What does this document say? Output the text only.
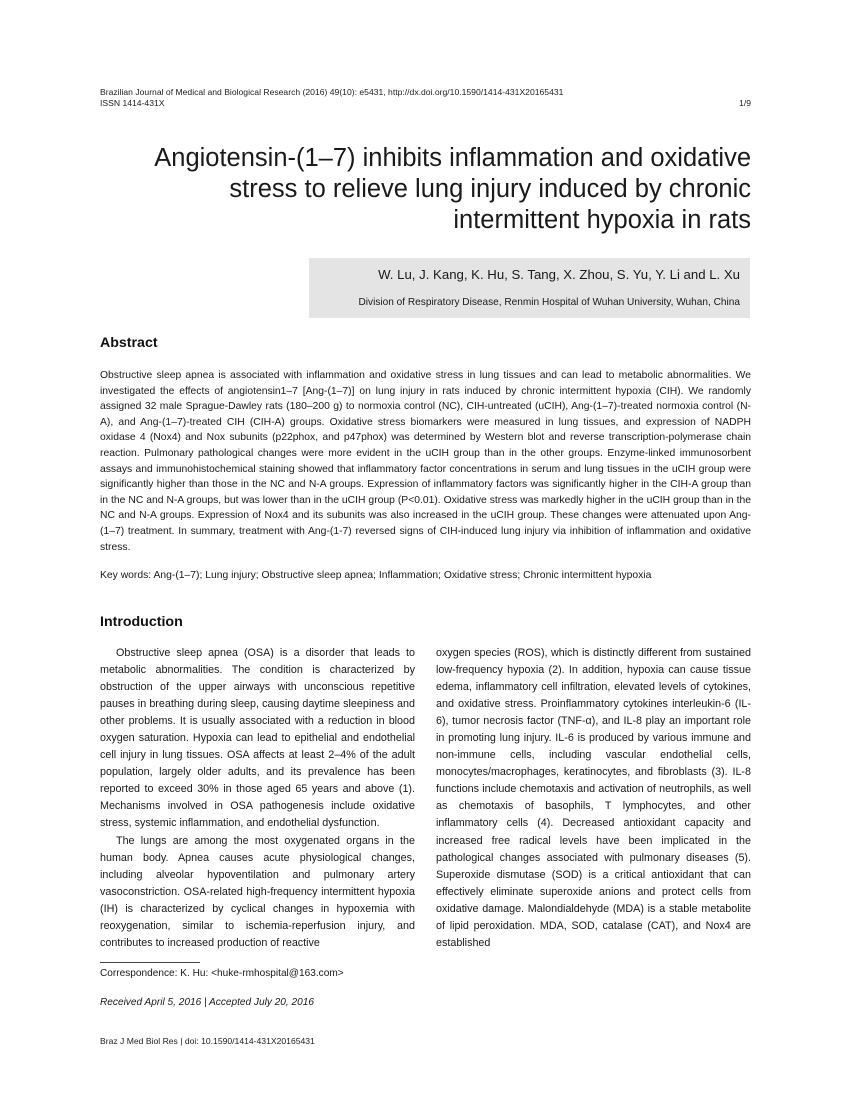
Brazilian Journal of Medical and Biological Research (2016) 49(10): e5431, http://dx.doi.org/10.1590/1414-431X20165431
ISSN 1414-431X	1/9
Angiotensin-(1–7) inhibits inflammation and oxidative
stress to relieve lung injury induced by chronic
intermittent hypoxia in rats
W. Lu, J. Kang, K. Hu, S. Tang, X. Zhou, S. Yu, Y. Li and L. Xu
Division of Respiratory Disease, Renmin Hospital of Wuhan University, Wuhan, China
Abstract

Obstructive sleep apnea is associated with inflammation and oxidative stress in lung tissues and can lead to metabolic abnormalities. We investigated the effects of angiotensin1–7 [Ang-(1–7)] on lung injury in rats induced by chronic intermittent hypoxia (CIH). We randomly assigned 32 male Sprague-Dawley rats (180–200 g) to normoxia control (NC), CIH-untreated (uCIH), Ang-(1–7)-treated normoxia control (N-A), and Ang-(1–7)-treated CIH (CIH-A) groups. Oxidative stress biomarkers were measured in lung tissues, and expression of NADPH oxidase 4 (Nox4) and Nox subunits (p22phox, and p47phox) was determined by Western blot and reverse transcription-polymerase chain reaction. Pulmonary pathological changes were more evident in the uCIH group than in the other groups. Enzyme-linked immunosorbent assays and immunohistochemical staining showed that inflammatory factor concentrations in serum and lung tissues in the uCIH group were significantly higher than those in the NC and N-A groups. Expression of inflammatory factors was significantly higher in the CIH-A group than in the NC and N-A groups, but was lower than in the uCIH group (P<0.01). Oxidative stress was markedly higher in the uCIH group than in the NC and N-A groups. Expression of Nox4 and its subunits was also increased in the uCIH group. These changes were attenuated upon Ang-(1–7) treatment. In summary, treatment with Ang-(1-7) reversed signs of CIH-induced lung injury via inhibition of inflammation and oxidative stress.

Key words: Ang-(1–7); Lung injury; Obstructive sleep apnea; Inflammation; Oxidative stress; Chronic intermittent hypoxia
Introduction

Obstructive sleep apnea (OSA) is a disorder that leads to metabolic abnormalities. The condition is characterized by obstruction of the upper airways with unconscious repetitive pauses in breathing during sleep, causing daytime sleepiness and other problems. It is usually associated with a reduction in blood oxygen saturation. Hypoxia can lead to epithelial and endothelial cell injury in lung tissues. OSA affects at least 2–4% of the adult population, largely older adults, and its prevalence has been reported to exceed 30% in those aged 65 years and above (1). Mechanisms involved in OSA pathogenesis include oxidative stress, systemic inflammation, and endothelial dysfunction.

The lungs are among the most oxygenated organs in the human body. Apnea causes acute physiological changes, including alveolar hypoventilation and pulmonary artery vasoconstriction. OSA-related high-frequency intermittent hypoxia (IH) is characterized by cyclical changes in hypoxemia with reoxygenation, similar to ischemia-reperfusion injury, and contributes to increased production of reactive

oxygen species (ROS), which is distinctly different from sustained low-frequency hypoxia (2). In addition, hypoxia can cause tissue edema, inflammatory cell infiltration, elevated levels of cytokines, and oxidative stress. Proinflammatory cytokines interleukin-6 (IL-6), tumor necrosis factor (TNF-α), and IL-8 play an important role in promoting lung injury. IL-6 is produced by various immune and non-immune cells, including vascular endothelial cells, monocytes/macrophages, keratinocytes, and fibroblasts (3). IL-8 functions include chemotaxis and activation of neutrophils, as well as chemotaxis of basophils, T lymphocytes, and other inflammatory cells (4). Decreased antioxidant capacity and increased free radical levels have been implicated in the pathological changes associated with pulmonary diseases (5). Superoxide dismutase (SOD) is a critical antioxidant that can effectively eliminate superoxide anions and protect cells from oxidative damage. Malondialdehyde (MDA) is a stable metabolite of lipid peroxidation. MDA, SOD, catalase (CAT), and Nox4 are established

Correspondence: K. Hu: <huke-rmhospital@163.com>
Received April 5, 2016 | Accepted July 20, 2016
Braz J Med Biol Res | doi: 10.1590/1414-431X20165431
